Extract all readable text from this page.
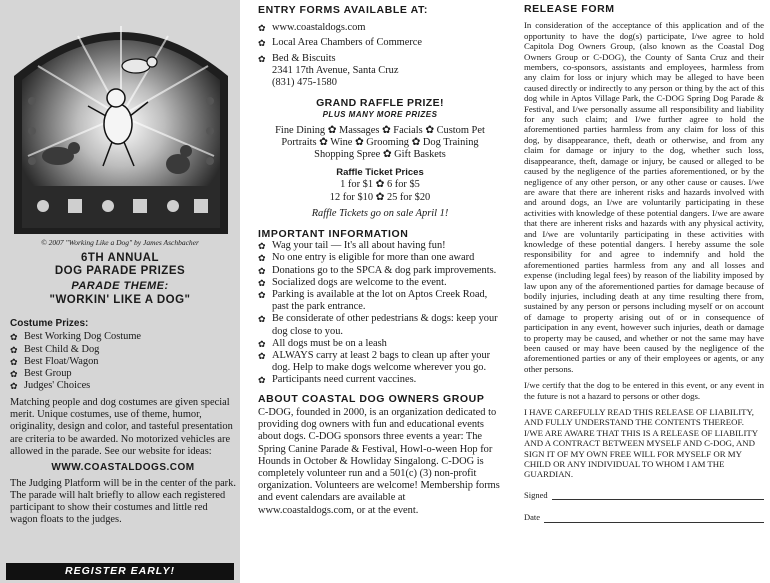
© 2007 "Working Like a Dog" by James Aschbacher
6TH ANNUAL
DOG PARADE PRIZES
PARADE THEME:
"WORKIN' LIKE A DOG"
Costume Prizes:
✿ Best Working Dog Costume
✿ Best Child & Dog
✿ Best Float/Wagon
✿ Best Group
✿ Judges' Choices

Matching people and dog costumes are given special merit. Unique costumes, use of theme, humor, originality, design and color, and tasteful presentation are criteria to be awarded. No motorized vehicles are allowed in the parade. See our website for ideas:

WWW.COASTALDOGS.COM

The Judging Platform will be in the center of the park. The parade will halt briefly to allow each registered participant to show their costumes and little red wagon floats to the judges.

REGISTER EARLY!
ENTRY FORMS AVAILABLE AT:
✿ www.coastaldogs.com
✿ Local Area Chambers of Commerce
✿ Bed & Biscuits
2341 17th Avenue, Santa Cruz
(831) 475-1580
GRAND RAFFLE PRIZE!
PLUS MANY MORE PRIZES
Fine Dining ✿ Massages ✿ Facials ✿ Custom Pet
Portraits ✿ Wine ✿ Grooming ✿ Dog Training
Shopping Spree ✿ Gift Baskets
Raffle Ticket Prices
1 for $1 ✿ 6 for $5
12 for $10 ✿ 25 for $20
Raffle Tickets go on sale April 1!
IMPORTANT INFORMATION
✿ Wag your tail — It's all about having fun!
✿ No one entry is eligible for more than one award
✿ Donations go to the SPCA & dog park improvements.
✿ Socialized dogs are welcome to the event.
✿ Parking is available at the lot on Aptos Creek Road, past the park entrance.
✿ Be considerate of other pedestrians & dogs: keep your dog close to you.
✿ All dogs must be on a leash
✿ ALWAYS carry at least 2 bags to clean up after your dog. Help to make dogs welcome wherever you go.
✿ Participants need current vaccines.
ABOUT COASTAL DOG OWNERS GROUP

C-DOG, founded in 2000, is an organization dedicated to providing dog owners with fun and educational events about dogs. C-DOG sponsors three events a year: The Spring Canine Parade & Festival, Howl-o-ween Hop for Hounds in October & Howliday Singalong. C-DOG is completely volunteer run and a 501(c) (3) non-profit organization. Volunteers are welcome! Membership forms and event calendars are available at www.coastaldogs.com, or at the event.

RELEASE FORM

In consideration of the acceptance of this application and of the opportunity to have the dog(s) participate, I/we agree to hold Capitola Dog Owners Group, (also known as the Coastal Dog Owners Group or C-DOG), the County of Santa Cruz and their members, co-sponsors, assistants and employees, harmless from any claim for loss or injury which may be alleged to have been caused directly or indirectly to any person or thing by the act of this dog while in Aptos Village Park, the C-DOG Spring Dog Parade & Festival, and I/we personally assume all responsibility and liability for any such claim; and I/we further agree to hold the aforementioned parties harmless from any claim for loss of this dog, by disappearance, theft, death or otherwise, and from any claim for damage or injury to the dog, whether such loss, disappearance, theft, damage or injury, be caused or alleged to be caused by the negligence of the parties aforementioned, or by the negligence of any other person, or any other cause or causes. I/we are aware that there are inherent risks and hazards involved with and around dogs, an I/we are voluntarily participating in these activities with knowledge of these potential dangers. I/we are aware that there are inherent risks and hazards with any physical activity, and I/we are voluntarily participating in these activities with knowledge of these potential dangers. I hereby assume the sole responsibility for and agree to indemnify and hold the aforementioned parties harmless from any and all losses and expense (including legal fees) by reason of the liability imposed by law upon any of the aforementioned parties for damage because of bodily injuries, including death at any time resulting there from, sustained by any person or persons including myself or on account of damage to property arising out of or in consequence of participation in any event, however such injuries, death or damage to property may be caused, and whether or not the same may have been caused or may have been caused by the negligence of the aforementioned parties or any of their employees or agents, or any other persons.

I/we certify that the dog to be entered in this event, or any event in the future is not a hazard to persons or other dogs.

I HAVE CAREFULLY READ THIS RELEASE OF LIABILITY, AND FULLY UNDERSTAND THE CONTENTS THEREOF. I/WE ARE AWARE THAT THIS IS A RELEASE OF LIABILITY AND A CONTRACT BETWEEN MYSELF AND C-DOG, AND SIGN IT OF MY OWN FREE WILL FOR MYSELF OR MY CHILD OR ANY INDIVIDUAL TO WHOM I AM THE GUARDIAN.

Signed
Date
